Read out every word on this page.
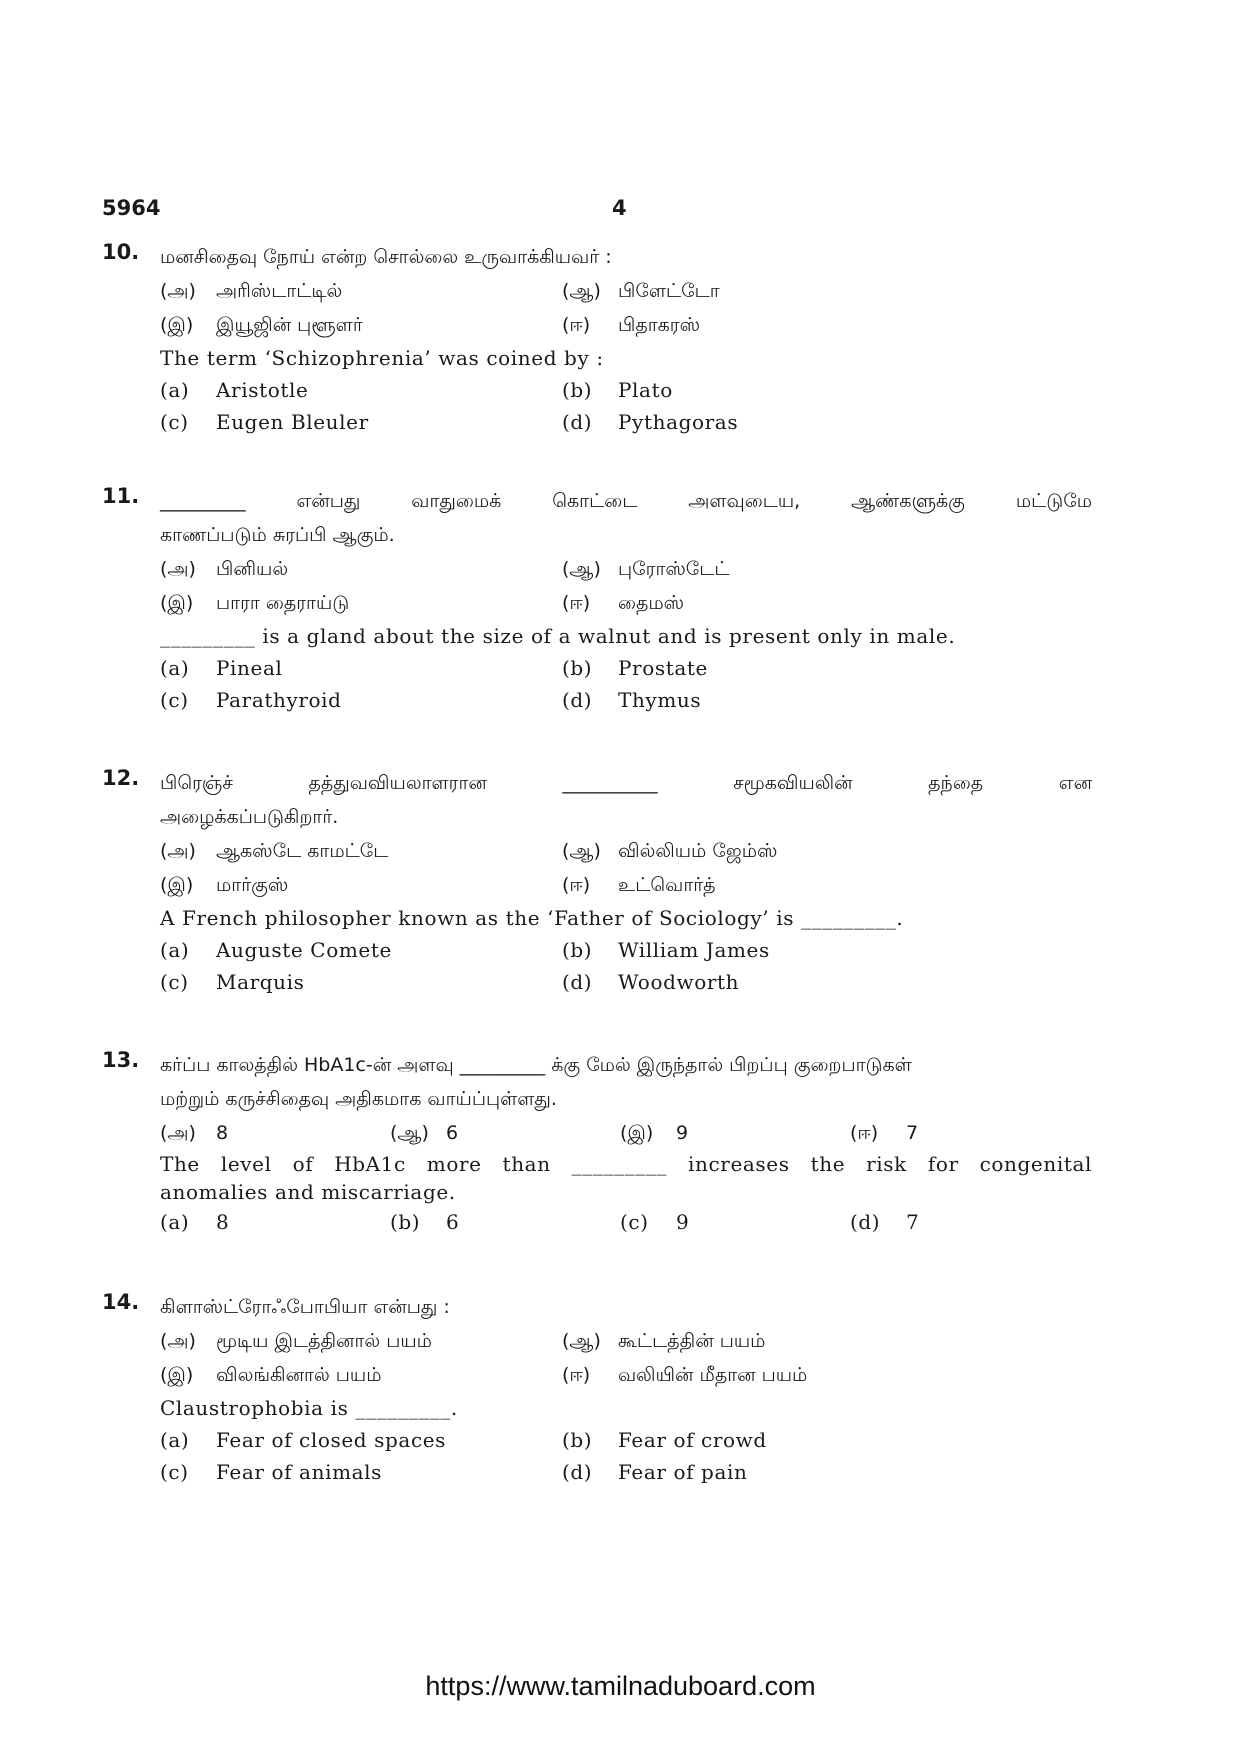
5964	4
10. மனசிதைவு நோய் என்ற சொல்லை உருவாக்கியவர் :
(அ)	அரிஸ்டாட்டில்	(ஆ) பிளேட்டோ
(இ)	இயூஜின் புளூளர்	(ஈ)	பிதாகரஸ்
The term ‘Schizophrenia’ was coined by :
(a)	Aristotle	(b)	Plato
(c)	Eugen Bleuler	(d)	Pythagoras
11. _________ என்பது வாதுமைக் கொட்டை அளவுடைய, ஆண்களுக்கு மட்டுமே
காணப்படும் சுரப்பி ஆகும்.
(அ)	பினியல்	(ஆ) புரோஸ்டேட்
(இ)	பாரா தைராய்டு	(ஈ)	தைமஸ்
_________ is a gland about the size of a walnut and is present only in male.
(a)	Pineal	(b)	Prostate
(c)	Parathyroid	(d)	Thymus
12. பிரெஞ்ச் தத்துவவியலாளரான __________ சமூகவியலின் தந்தை என
அழைக்கப்படுகிறார்.
(அ)	ஆகஸ்டே காமட்டே	(ஆ) வில்லியம் ஜேம்ஸ்
(இ)	மார்குஸ்	(ஈ)	உட்வொர்த்
A French philosopher known as the ‘Father of Sociology’ is _________.
(a)	Auguste Comete	(b)	William James
(c)	Marquis	(d)	Woodworth
13. கர்ப்ப காலத்தில் HbA1c-ன் அளவு _________ க்கு மேல் இருந்தால் பிறப்பு குறைபாடுகள்
மற்றும் கருச்சிதைவு அதிகமாக வாய்ப்புள்ளது.
(அ)	8	(ஆ) 6	(இ)	9	(ஈ)	7
The level of HbA1c more than _________ increases the risk for congenital
anomalies and miscarriage.
(a)	8	(b)	6	(c)	9	(d)	7
14. கிளாஸ்ட்ரோஃபோபியா என்பது :
(அ)	மூடிய இடத்தினால் பயம்	(ஆ) கூட்டத்தின் பயம்
(இ)	விலங்கினால் பயம்	(ஈ)	வலியின் மீதான பயம்
Claustrophobia is _________.
(a)	Fear of closed spaces	(b)	Fear of crowd
(c)	Fear of animals	(d)	Fear of pain
https://www.tamilnaduboard.com
